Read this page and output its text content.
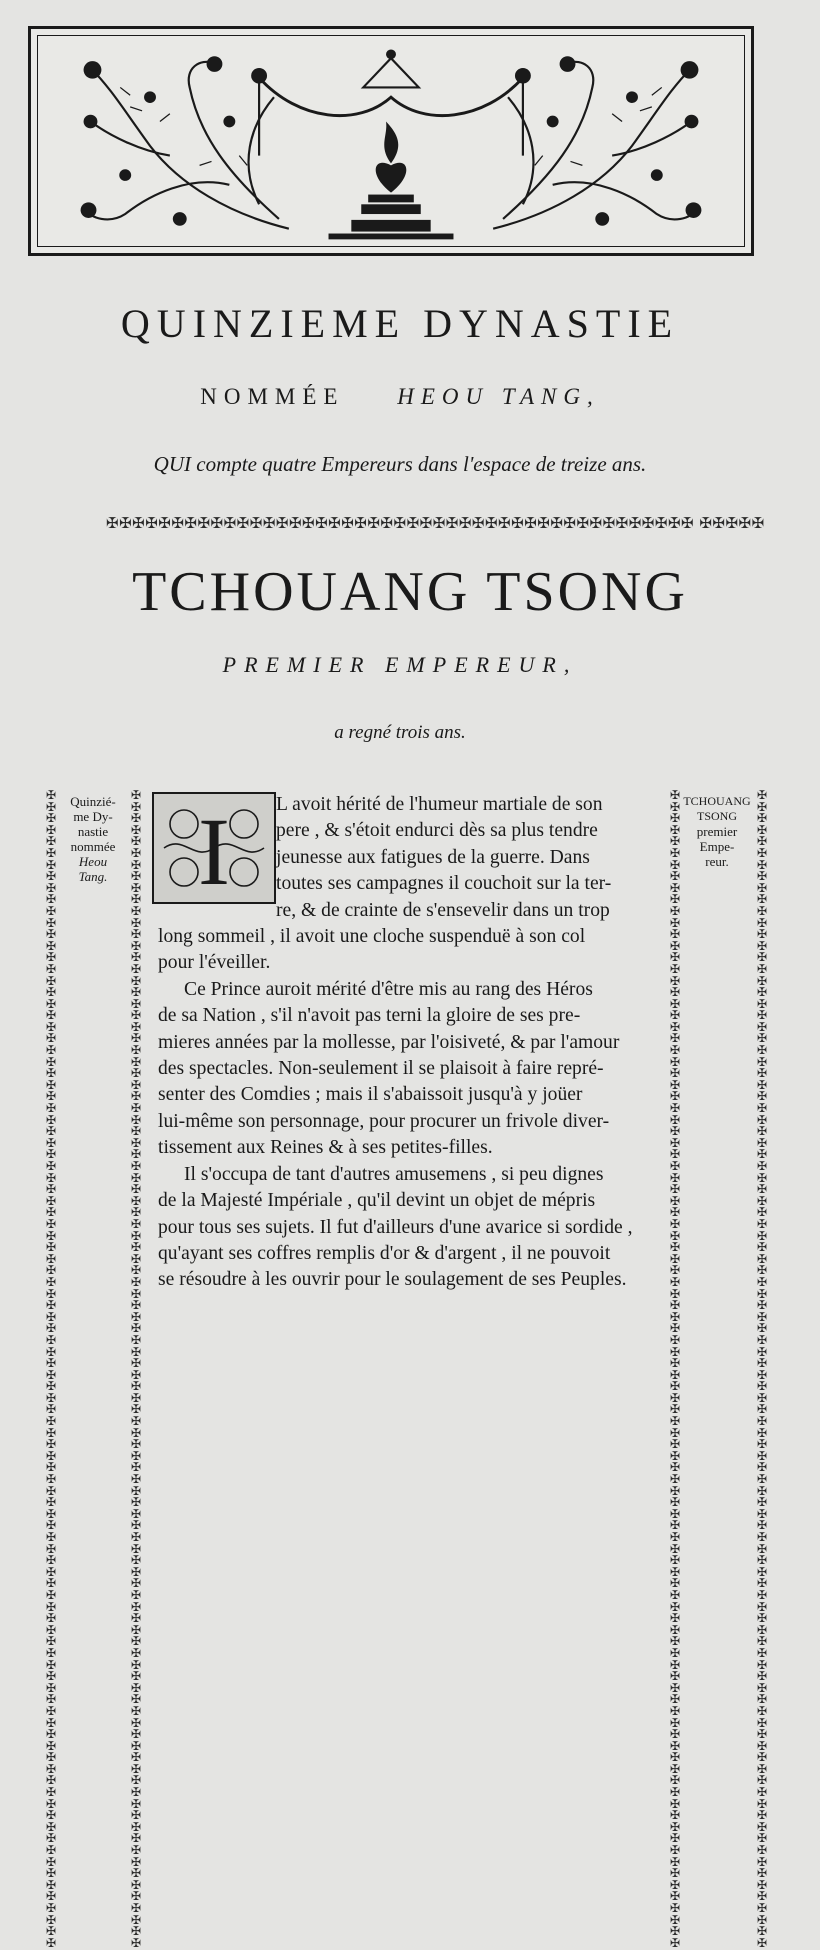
QUINZIEME DYNASTIE
NOMMÉE HEOU TANG,
QUI compte quatre Empereurs dans l'espace de treize ans.
✠✠✠✠✠✠✠✠✠✠✠✠✠✠✠✠✠✠✠✠✠✠✠✠✠✠✠✠✠✠✠✠✠✠✠✠✠✠✠✠✠✠✠✠✠ ✠✠✠✠✠
TCHOUANG TSONG
PREMIER EMPEREUR,
a regné trois ans.
✠✠✠✠✠✠✠✠✠✠✠✠✠✠✠✠✠✠✠✠✠✠✠✠✠✠✠✠✠✠✠✠✠✠✠✠✠✠✠✠✠✠✠✠✠✠✠✠✠✠✠✠✠✠✠✠✠✠✠✠✠✠✠✠✠✠✠✠✠✠✠✠✠✠✠✠✠✠✠✠✠✠✠✠✠✠✠✠✠✠✠✠✠✠✠✠✠✠✠✠
✠✠✠✠✠✠✠✠✠✠✠✠✠✠✠✠✠✠✠✠✠✠✠✠✠✠✠✠✠✠✠✠✠✠✠✠✠✠✠✠✠✠✠✠✠✠✠✠✠✠✠✠✠✠✠✠✠✠✠✠✠✠✠✠✠✠✠✠✠✠✠✠✠✠✠✠✠✠✠✠✠✠✠✠✠✠✠✠✠✠✠✠✠✠✠✠✠✠✠✠
✠✠✠✠✠✠✠✠✠✠✠✠✠✠✠✠✠✠✠✠✠✠✠✠✠✠✠✠✠✠✠✠✠✠✠✠✠✠✠✠✠✠✠✠✠✠✠✠✠✠✠✠✠✠✠✠✠✠✠✠✠✠✠✠✠✠✠✠✠✠✠✠✠✠✠✠✠✠✠✠✠✠✠✠✠✠✠✠✠✠✠✠✠✠✠✠✠✠✠✠
✠✠✠✠✠✠✠✠✠✠✠✠✠✠✠✠✠✠✠✠✠✠✠✠✠✠✠✠✠✠✠✠✠✠✠✠✠✠✠✠✠✠✠✠✠✠✠✠✠✠✠✠✠✠✠✠✠✠✠✠✠✠✠✠✠✠✠✠✠✠✠✠✠✠✠✠✠✠✠✠✠✠✠✠✠✠✠✠✠✠✠✠✠✠✠✠✠✠✠✠
Quinzié-
me Dy-
nastie
nommée
Heou
Tang.
TCHOUANG
TSONG
premier
Empe-
reur.
I	L avoit hérité de l'humeur martiale de son
pere , & s'étoit endurci dès sa plus tendre
jeunesse aux fatigues de la guerre. Dans
toutes ses campagnes il couchoit sur la ter-
re, & de crainte de s'ensevelir dans un trop
long sommeil , il avoit une cloche suspenduë à son col
pour l'éveiller.
Ce Prince auroit mérité d'être mis au rang des Héros
de sa Nation , s'il n'avoit pas terni la gloire de ses pre-
mieres années par la mollesse, par l'oisiveté, & par l'amour
des spectacles. Non-seulement il se plaisoit à faire repré-
senter des Comdies ; mais il s'abaissoit jusqu'à y joüer
lui-même son personnage, pour procurer un frivole diver-
tissement aux Reines & à ses petites-filles.
Il s'occupa de tant d'autres amusemens , si peu dignes
de la Majesté Impériale , qu'il devint un objet de mépris
pour tous ses sujets. Il fut d'ailleurs d'une avarice si sordide ,
qu'ayant ses coffres remplis d'or & d'argent , il ne pouvoit
se résoudre à les ouvrir pour le soulagement de ses Peuples.
